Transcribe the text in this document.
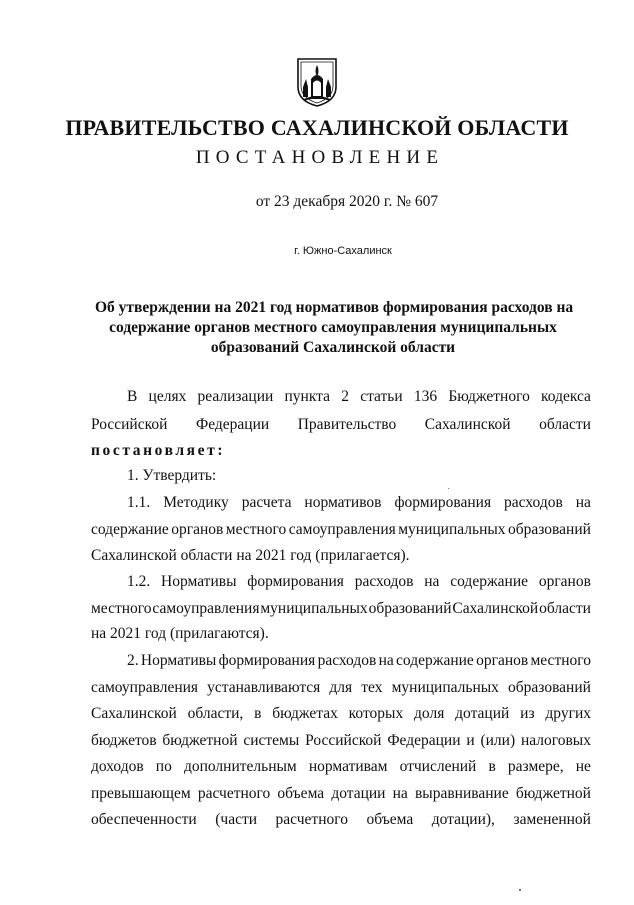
ПРАВИТЕЛЬСТВО САХАЛИНСКОЙ ОБЛАСТИ
ПОСТАНОВЛЕНИЕ
от 23 декабря 2020 г. № 607
г. Южно-Сахалинск
Об утверждении на 2021 год нормативов формирования расходов на
содержание органов местного самоуправления муниципальных
образований Сахалинской области
В целях реализации пункта 2 статьи 136 Бюджетного кодекса
Российской Федерации Правительство Сахалинской области
постановляет:
1. Утвердить:
1.1. Методику расчета нормативов формирования расходов на
содержание органов местного самоуправления муниципальных образований
Сахалинской области на 2021 год (прилагается).
1.2. Нормативы формирования расходов на содержание органов
местного самоуправления муниципальных образований Сахалинской области
на 2021 год (прилагаются).
2. Нормативы формирования расходов на содержание органов местного
самоуправления устанавливаются для тех муниципальных образований
Сахалинской области, в бюджетах которых доля дотаций из других
бюджетов бюджетной системы Российской Федерации и (или) налоговых
доходов по дополнительным нормативам отчислений в размере, не
превышающем расчетного объема дотации на выравнивание бюджетной
обеспеченности (части расчетного объема дотации), замененной
